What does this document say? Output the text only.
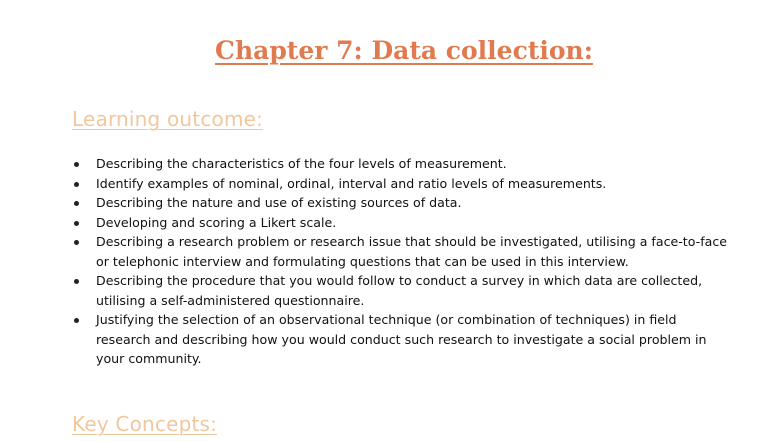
Chapter 7: Data collection:
Learning outcome:
Describing the characteristics of the four levels of measurement.
Identify examples of nominal, ordinal, interval and ratio levels of measurements.
Describing the nature and use of existing sources of data.
Developing and scoring a Likert scale.
Describing a research problem or research issue that should be investigated, utilising a face-to-face or telephonic interview and formulating questions that can be used in this interview.
Describing the procedure that you would follow to conduct a survey in which data are collected, utilising a self-administered questionnaire.
Justifying the selection of an observational technique (or combination of techniques) in field research and describing how you would conduct such research to investigate a social problem in your community.
Key Concepts:
